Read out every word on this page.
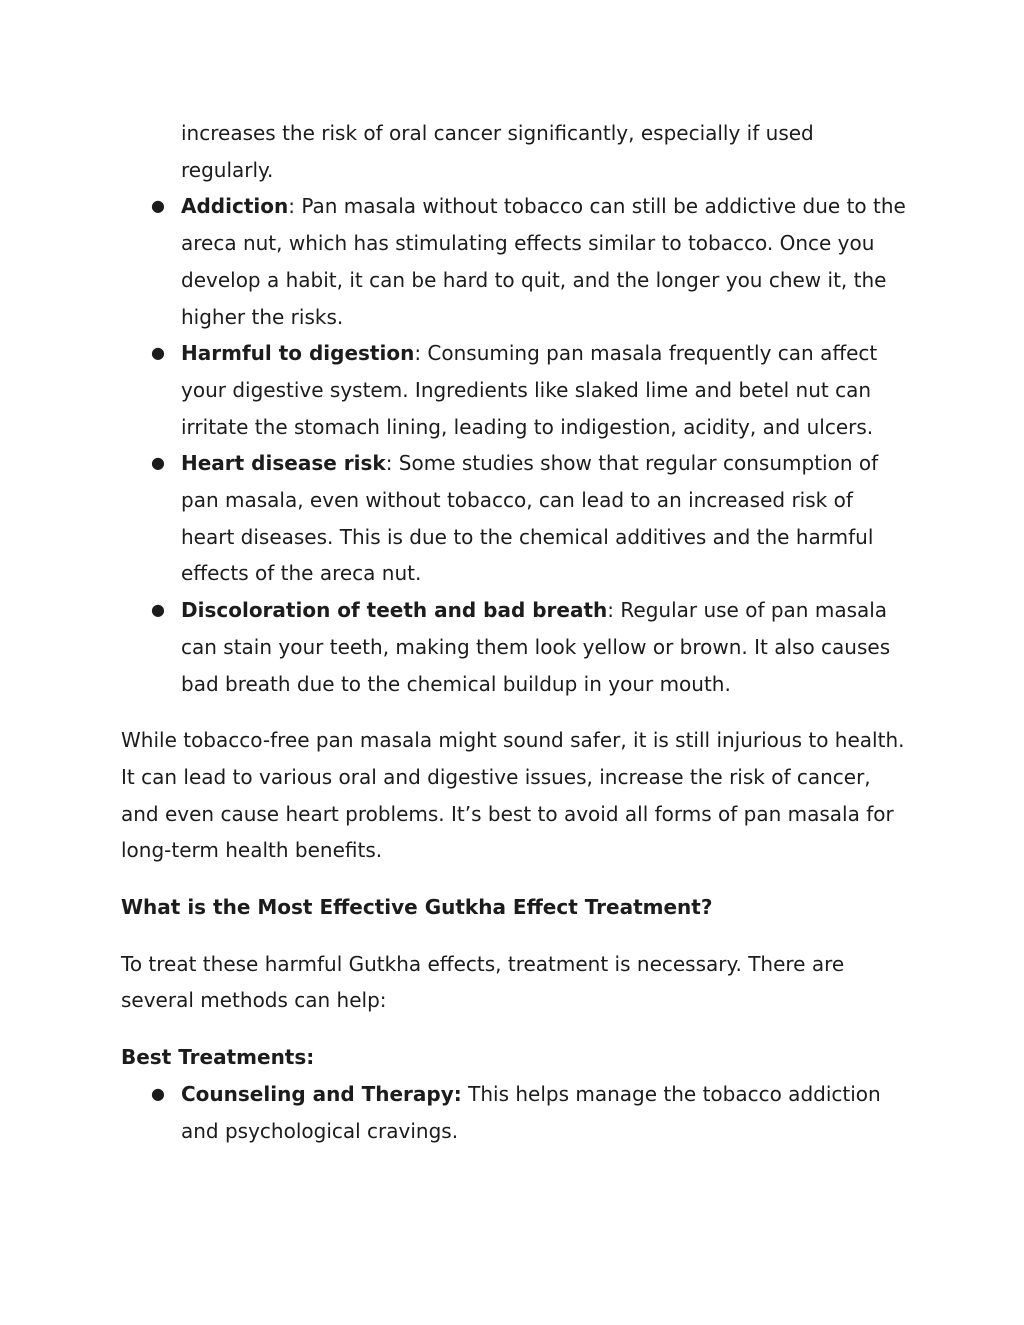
increases the risk of oral cancer significantly, especially if used regularly.

● Addiction: Pan masala without tobacco can still be addictive due to the areca nut, which has stimulating effects similar to tobacco. Once you develop a habit, it can be hard to quit, and the longer you chew it, the higher the risks.
● Harmful to digestion: Consuming pan masala frequently can affect your digestive system. Ingredients like slaked lime and betel nut can irritate the stomach lining, leading to indigestion, acidity, and ulcers.
● Heart disease risk: Some studies show that regular consumption of pan masala, even without tobacco, can lead to an increased risk of heart diseases. This is due to the chemical additives and the harmful effects of the areca nut.
● Discoloration of teeth and bad breath: Regular use of pan masala can stain your teeth, making them look yellow or brown. It also causes bad breath due to the chemical buildup in your mouth.

While tobacco-free pan masala might sound safer, it is still injurious to health. It can lead to various oral and digestive issues, increase the risk of cancer, and even cause heart problems. It’s best to avoid all forms of pan masala for long-term health benefits.

What is the Most Effective Gutkha Effect Treatment?

To treat these harmful Gutkha effects, treatment is necessary. There are several methods can help:

Best Treatments:
● Counseling and Therapy: This helps manage the tobacco addiction and psychological cravings.
